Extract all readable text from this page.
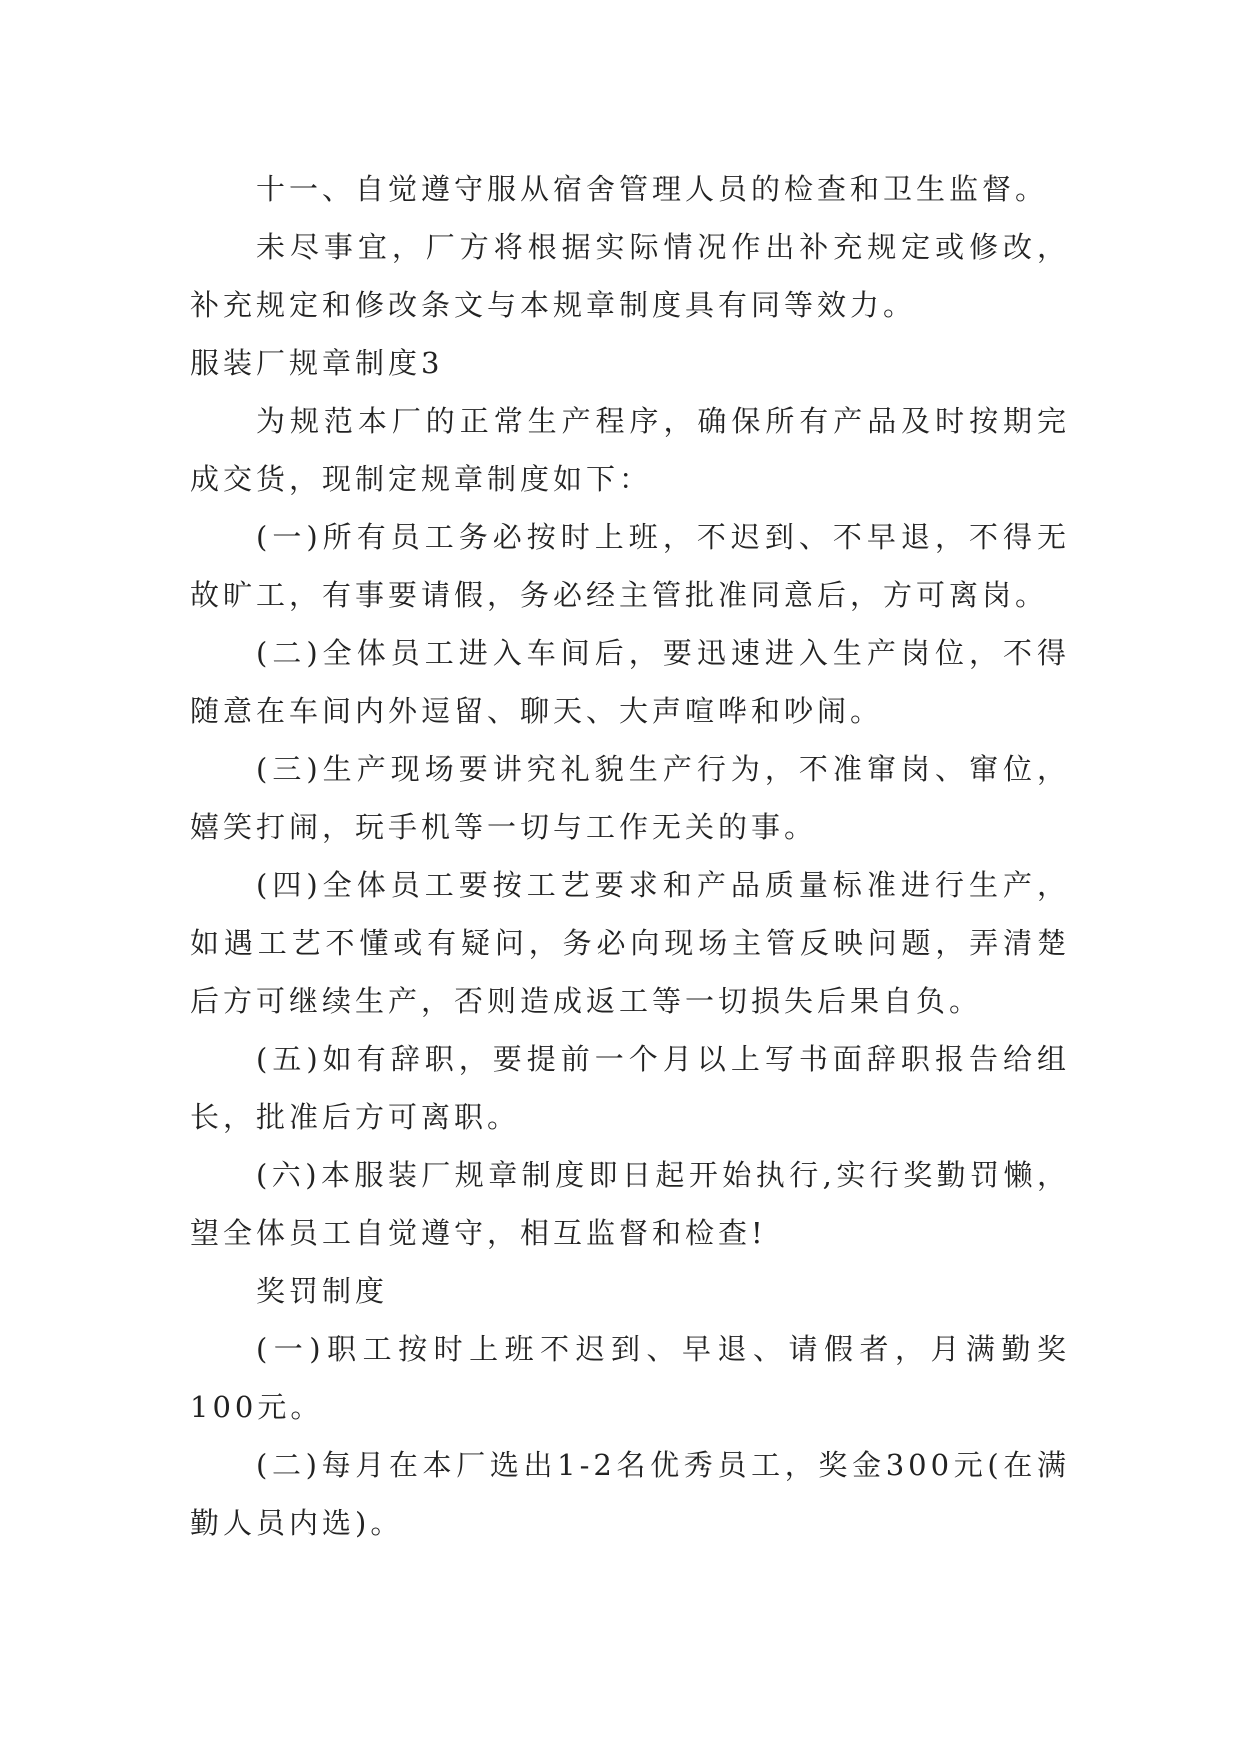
十一、自觉遵守服从宿舍管理人员的检查和卫生监督。

未尽事宜，厂方将根据实际情况作出补充规定或修改，补充规定和修改条文与本规章制度具有同等效力。

服装厂规章制度3

为规范本厂的正常生产程序，确保所有产品及时按期完成交货，现制定规章制度如下：

(一)所有员工务必按时上班，不迟到、不早退，不得无故旷工，有事要请假，务必经主管批准同意后，方可离岗。

(二)全体员工进入车间后，要迅速进入生产岗位，不得随意在车间内外逗留、聊天、大声喧哗和吵闹。

(三)生产现场要讲究礼貌生产行为，不准窜岗、窜位，嬉笑打闹，玩手机等一切与工作无关的事。

(四)全体员工要按工艺要求和产品质量标准进行生产，如遇工艺不懂或有疑问，务必向现场主管反映问题，弄清楚后方可继续生产，否则造成返工等一切损失后果自负。

(五)如有辞职，要提前一个月以上写书面辞职报告给组长，批准后方可离职。

(六)本服装厂规章制度即日起开始执行,实行奖勤罚懒，望全体员工自觉遵守，相互监督和检查!

奖罚制度

(一)职工按时上班不迟到、早退、请假者，月满勤奖100元。

(二)每月在本厂选出1-2名优秀员工，奖金300元(在满勤人员内选)。
